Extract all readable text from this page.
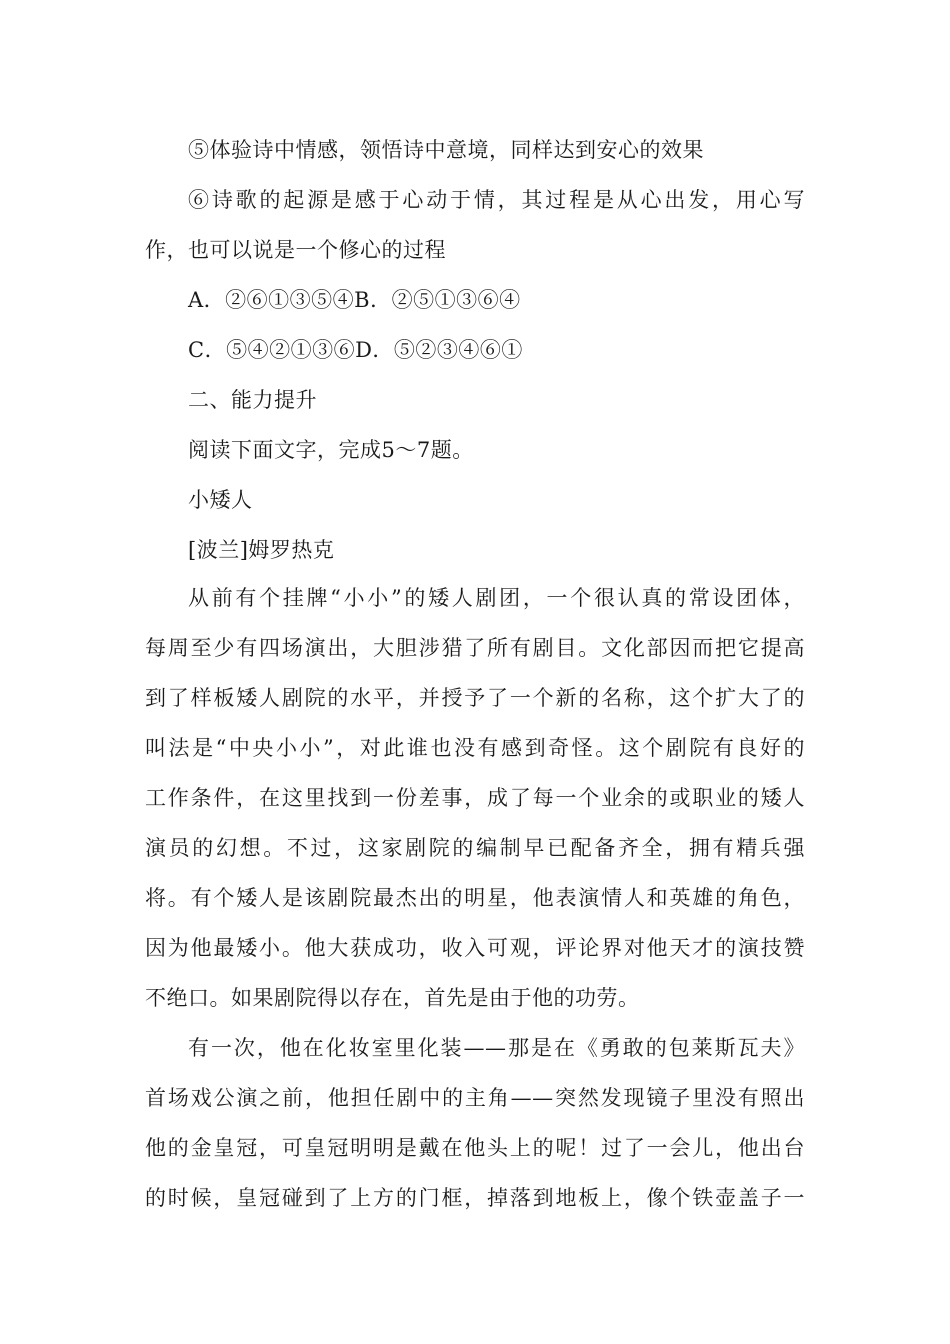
⑤体验诗中情感，领悟诗中意境，同样达到安心的效果
⑥诗歌的起源是感于心动于情，其过程是从心出发，用心写
作，也可以说是一个修心的过程
A．②⑥①③⑤④B．②⑤①③⑥④
C．⑤④②①③⑥D．⑤②③④⑥①
二、能力提升
阅读下面文字，完成5～7题。
小矮人
[波兰]姆罗热克
从前有个挂牌“小小”的矮人剧团，一个很认真的常设团体，
每周至少有四场演出，大胆涉猎了所有剧目。文化部因而把它提高
到了样板矮人剧院的水平，并授予了一个新的名称，这个扩大了的
叫法是“中央小小”，对此谁也没有感到奇怪。这个剧院有良好的
工作条件，在这里找到一份差事，成了每一个业余的或职业的矮人
演员的幻想。不过，这家剧院的编制早已配备齐全，拥有精兵强
将。有个矮人是该剧院最杰出的明星，他表演情人和英雄的角色，
因为他最矮小。他大获成功，收入可观，评论界对他天才的演技赞
不绝口。如果剧院得以存在，首先是由于他的功劳。
有一次，他在化妆室里化装——那是在《勇敢的包莱斯瓦夫》
首场戏公演之前，他担任剧中的主角——突然发现镜子里没有照出
他的金皇冠，可皇冠明明是戴在他头上的呢！过了一会儿，他出台
的时候，皇冠碰到了上方的门框，掉落到地板上，像个铁壶盖子一
